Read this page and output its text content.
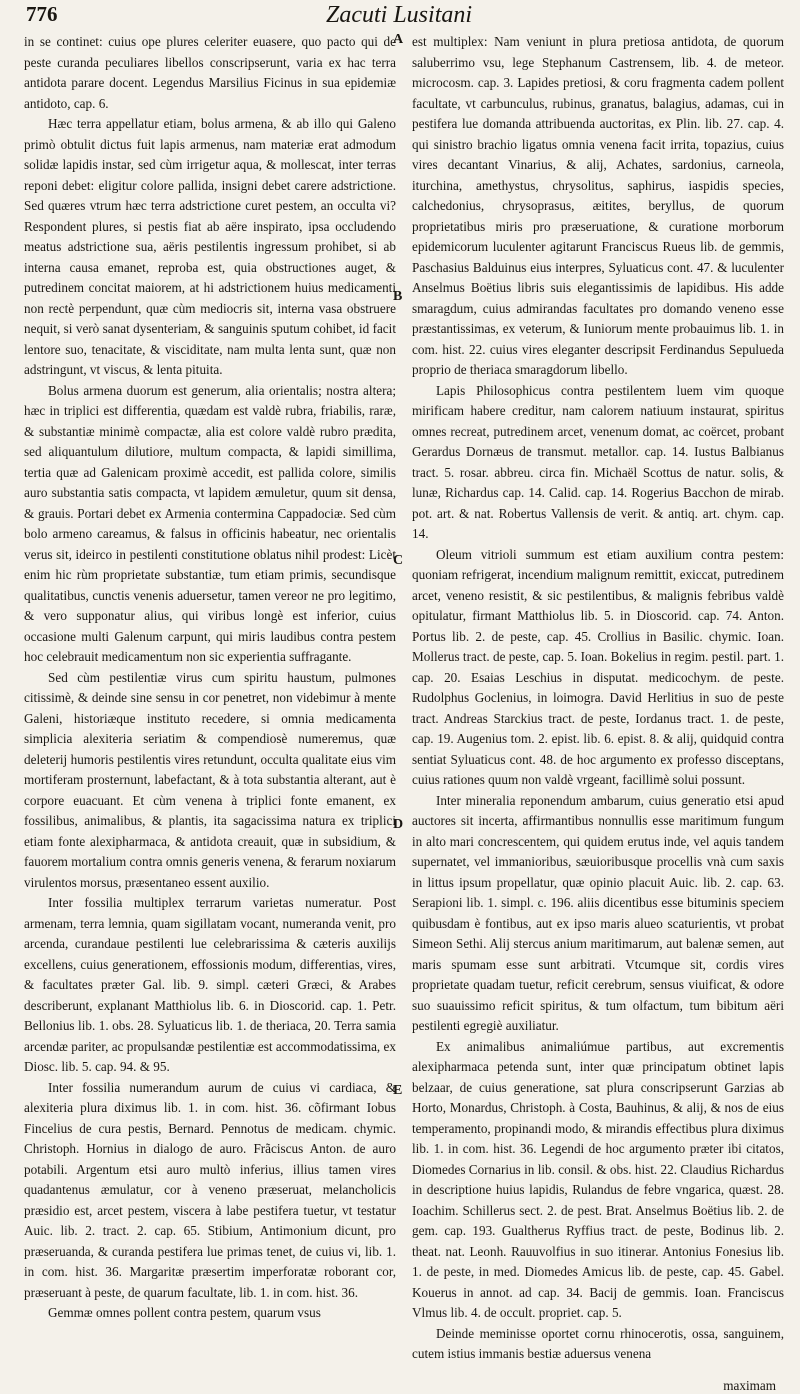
776	Zacuti Lusitani

in se continet: cuius ope plures celeriter euasere, quo pacto qui de peste curanda peculiares libellos conscripserunt, varia ex hac terra antidota parare docent. Legendus Marsilius Ficinus in sua epidemiæ antidoto, cap. 6.

Hæc terra appellatur etiam, bolus armena, & ab illo qui Galeno primò obtulit dictus fuit lapis armenus, nam materiæ erat admodum solidæ lapidis instar, sed cùm irrigetur aqua, & mollescat, inter terras reponi debet: eligitur colore pallida, insigni debet carere adstrictione. Sed quæres vtrum hæc terra adstrictione curet pestem, an occulta vi? Respondent plures, si pestis fiat ab aëre inspirato, ipsa occludendo meatus adstrictione sua, aëris pestilentis ingressum prohibet, si ab interna causa emanet, reproba est, quia obstructiones auget, & putredinem concitat maiorem, at hi adstrictionem huius medicamenti non rectè perpendunt, quæ cùm mediocris sit, interna vasa obstruere nequit, si verò sanat dysenteriam, & sanguinis sputum cohibet, id facit lentore suo, tenacitate, & visciditate, nam multa lenta sunt, quæ non adstringunt, vt viscus, & lenta pituita.

Bolus armena duorum est generum, alia orientalis; nostra altera; hæc in triplici est differentia, quædam est valdè rubra, friabilis, raræ, & substantiæ minimè compactæ, alia est colore valdè rubro prædita, sed aliquantulum dilutiore, multum compacta, & lapidi simillima, tertia quæ ad Galenicam proximè accedit, est pallida colore, similis auro substantia satis compacta, vt lapidem æmuletur, quum sit densa, & grauis. Portari debet ex Armenia contermina Cappadociæ. Sed cùm bolo armeno careamus, & falsus in officinis habeatur, nec orientalis verus sit, ideirco in pestilenti constitutione oblatus nihil prodest: Licèt enim hic rùm proprietate substantiæ, tum etiam primis, secundisque qualitatibus, cunctis venenis aduersetur, tamen vereor ne pro legitimo, & vero supponatur alius, qui viribus longè est inferior, cuius occasione multi Galenum carpunt, qui miris laudibus contra pestem hoc celebrauit medicamentum non sic experientia suffragante.

Sed cùm pestilentiæ virus cum spiritu haustum, pulmones citissimè, & deinde sine sensu in cor penetret, non videbimur à mente Galeni, historiæque instituto recedere, si omnia medicamenta simplicia alexiteria seriatim & compendiosè numeremus, quæ deleterij humoris pestilentis vires retundunt, occulta qualitate eius vim mortiferam prosternunt, labefactant, & à tota substantia alterant, aut è corpore euacuant. Et cùm venena à triplici fonte emanent, ex fossilibus, animalibus, & plantis, ita sagacissima natura ex triplici etiam fonte alexipharmaca, & antidota creauit, quæ in subsidium, & fauorem mortalium contra omnis generis venena, & ferarum noxiarum virulentos morsus, præsentaneo essent auxilio.

Inter fossilia multiplex terrarum varietas numeratur. Post armenam, terra lemnia, quam sigillatam vocant, numeranda venit, pro arcenda, curandaue pestilenti lue celebrarissima & cæteris auxilijs excellens, cuius generationem, effossionis modum, differentias, vires, & facultates præter Gal. lib. 9. simpl. cæteri Græci, & Arabes describerunt, explanant Matthiolus lib. 6. in Dioscorid. cap. 1. Petr. Bellonius lib. 1. obs. 28. Syluaticus lib. 1. de theriaca, 20. Terra samia arcendæ pariter, ac propulsandæ pestilentiæ est accommodatissima, ex Diosc. lib. 5. cap. 94. & 95.

Inter fossilia numerandum aurum de cuius vi cardiaca, & alexiteria plura diximus lib. 1. in com. hist. 36. cõfirmant Iobus Fincelius de cura pestis, Bernard. Pennotus de medicam. chymic. Christoph. Hornius in dialogo de auro. Frãciscus Anton. de auro potabili. Argentum etsi auro multò inferius, illius tamen vires quadantenus æmulatur, cor à veneno præseruat, melancholicis præsidio est, arcet pestem, viscera à labe pestifera tuetur, vt testatur Auic. lib. 2. tract. 2. cap. 65. Stibium, Antimonium dicunt, pro præseruanda, & curanda pestifera lue primas tenet, de cuius vi, lib. 1. in com. hist. 36. Margaritæ præsertim imperforatæ roborant cor, præseruant à peste, de quarum facultate, lib. 1. in com. hist. 36.

Gemmæ omnes pollent contra pestem, quarum vsus

A
B
C
D
E

est multiplex: Nam veniunt in plura pretiosa antidota, de quorum saluberrimo vsu, lege Stephanum Castrensem, lib. 4. de meteor. microcosm. cap. 3. Lapides pretiosi, & coru fragmenta cadem pollent facultate, vt carbunculus, rubinus, granatus, balagius, adamas, cui in pestifera lue domanda attribuenda auctoritas, ex Plin. lib. 27. cap. 4. qui sinistro brachio ligatus omnia venena facit irrita, topazius, cuius vires decantant Vinarius, & alij, Achates, sardonius, carneola, iturchina, amethystus, chrysolitus, saphirus, iaspidis species, calchedonius, chrysoprasus, æitites, beryllus, de quorum proprietatibus miris pro præseruatione, & curatione morborum epidemicorum luculenter agitarunt Franciscus Rueus lib. de gemmis, Paschasius Balduinus eius interpres, Syluaticus cont. 47. & luculenter Anselmus Boëtius libris suis elegantissimis de lapidibus. His adde smaragdum, cuius admirandas facultates pro domando veneno esse præstantissimas, ex veterum, & Iuniorum mente probauimus lib. 1. in com. hist. 22. cuius vires eleganter descripsit Ferdinandus Sepulueda proprio de theriaca smaragdorum libello.

Lapis Philosophicus contra pestilentem luem vim quoque mirificam habere creditur, nam calorem natiuum instaurat, spiritus omnes recreat, putredinem arcet, venenum domat, ac coërcet, probant Gerardus Dornæus de transmut. metallor. cap. 14. Iustus Balbianus tract. 5. rosar. abbreu. circa fin. Michaël Scottus de natur. solis, & lunæ, Richardus cap. 14. Calid. cap. 14. Rogerius Bacchon de mirab. pot. art. & nat. Robertus Vallensis de verit. & antiq. art. chym. cap. 14.

Oleum vitrioli summum est etiam auxilium contra pestem: quoniam refrigerat, incendium malignum remittit, exiccat, putredinem arcet, veneno resistit, & sic pestilentibus, & malignis febribus valdè opitulatur, firmant Matthiolus lib. 5. in Dioscorid. cap. 74. Anton. Portus lib. 2. de peste, cap. 45. Crollius in Basilic. chymic. Ioan. Mollerus tract. de peste, cap. 5. Ioan. Bokelius in regim. pestil. part. 1. cap. 20. Esaias Leschius in disputat. medicochym. de peste. Rudolphus Goclenius, in loimogra. David Herlitius in suo de peste tract. Andreas Starckius tract. de peste, Iordanus tract. 1. de peste, cap. 19. Augenius tom. 2. epist. lib. 6. epist. 8. & alij, quidquid contra sentiat Syluaticus cont. 48. de hoc argumento ex professo disceptans, cuius rationes quum non valdè vrgeant, facillimè solui possunt.

Inter mineralia reponendum ambarum, cuius generatio etsi apud auctores sit incerta, affirmantibus nonnullis esse maritimum fungum in alto mari concrescentem, qui quidem erutus inde, vel aquis tandem supernatet, vel immanioribus, sæuioribusque procellis vnà cum saxis in littus ipsum propellatur, quæ opinio placuit Auic. lib. 2. cap. 63. Serapioni lib. 1. simpl. c. 196. aliis dicentibus esse bituminis speciem quibusdam è fontibus, aut ex ipso maris alueo scaturientis, vt probat Simeon Sethi. Alij stercus anium maritimarum, aut balenæ semen, aut maris spumam esse sunt arbitrati. Vtcumque sit, cordis vires proprietate quadam tuetur, reficit cerebrum, sensus viuificat, & odore suo suauissimo reficit spiritus, & tum olfactum, tum bibitum aëri pestilenti egregiè auxiliatur.

Ex animalibus animaliúmue partibus, aut excrementis alexipharmaca petenda sunt, inter quæ principatum obtinet lapis belzaar, de cuius generatione, sat plura conscripserunt Garzias ab Horto, Monardus, Christoph. à Costa, Bauhinus, & alij, & nos de eius temperamento, propinandi modo, & mirandis effectibus plura diximus lib. 1. in com. hist. 36. Legendi de hoc argumento præter ibi citatos, Diomedes Cornarius in lib. consil. & obs. hist. 22. Claudius Richardus in descriptione huius lapidis, Rulandus de febre vngarica, quæst. 28. Ioachim. Schillerus sect. 2. de pest. Brat. Anselmus Boëtius lib. 2. de gem. cap. 193. Gualtherus Ryffius tract. de peste, Bodinus lib. 2. theat. nat. Leonh. Rauuvolfius in suo itinerar. Antonius Fonesius lib. 1. de peste, in med. Diomedes Amicus lib. de peste, cap. 45. Gabel. Kouerus in annot. ad cap. 34. Bacij de gemmis. Ioan. Franciscus Vlmus lib. 4. de occult. propriet. cap. 5.

Deinde meminisse oportet cornu rhinocerotis, ossa, sanguinem, cutem istius immanis bestiæ aduersus venena

maximam
